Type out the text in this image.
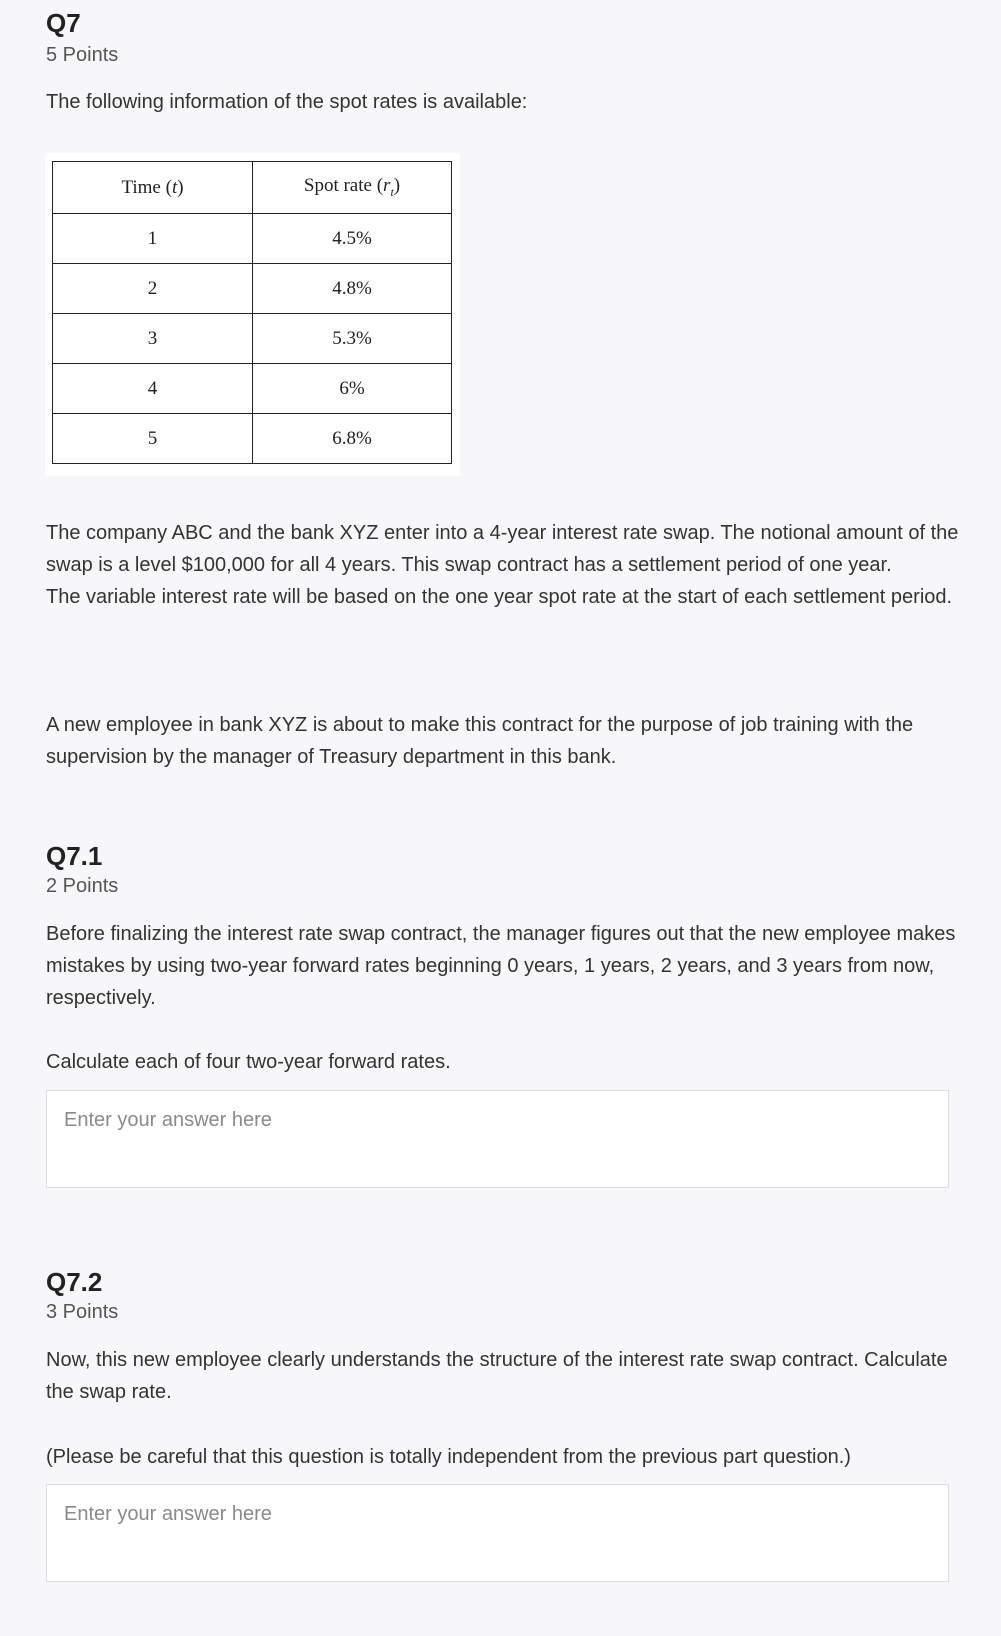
Q7
5 Points

The following information of the spot rates is available:

Time (t)	Spot rate $(r_t)$
1	4.5%
2	4.8%
3	5.3%
4	6%
5	6.8%

The company ABC and the bank XYZ enter into a 4-year interest rate swap. The notional amount of the swap is a level $100,000 for all 4 years. This swap contract has a settlement period of one year.

The variable interest rate will be based on the one year spot rate at the start of each settlement period.

A new employee in bank XYZ is about to make this contract for the purpose of job training with the supervision by the manager of Treasury department in this bank.

Q7.1
2 Points

Before finalizing the interest rate swap contract, the manager figures out that the new employee makes mistakes by using two-year forward rates beginning 0 years, 1 years, 2 years, and 3 years from now, respectively.

Calculate each of four two-year forward rates.

Enter your answer here
Q7.2
3 Points

Now, this new employee clearly understands the structure of the interest rate swap contract. Calculate the swap rate.

(Please be careful that this question is totally independent from the previous part question.)

Enter your answer here
